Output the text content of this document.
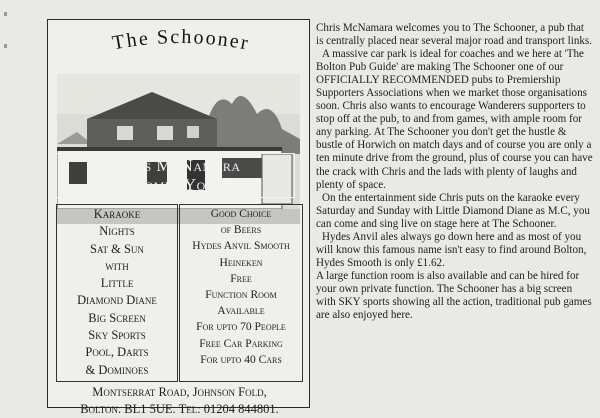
The Schooner
Chris McNamara
Welcomes You All
Karaoke
Nights
Sat & Sun
with
Little
Diamond Diane
Big Screen
Sky Sports
Pool, Darts
& Dominoes
Good Choice
of Beers
Hydes Anvil Smooth
Heineken
Free
Function Room
Available
For upto 70 People
Free Car Parking
For upto 40 Cars
Montserrat Road, Johnson Fold,
Bolton. BL1 5UE. Tel: 01204 844801.

Chris McNamara welcomes you to The Schooner, a pub that is centrally placed near several major road and transport links.

A massive car park is ideal for coaches and we here at 'The Bolton Pub Guide' are making The Schooner one of our OFFICIALLY RECOMMENDED pubs to Premiership Supporters Associations when we market those organisations soon. Chris also wants to encourage Wanderers supporters to stop off at the pub, to and from games, with ample room for any parking. At The Schooner you don't get the hustle & bustle of Horwich on match days and of course you are only a ten minute drive from the ground, plus of course you can have the crack with Chris and the lads with plenty of laughs and plenty of space.

On the entertainment side Chris puts on the karaoke every Saturday and Sunday with Little Diamond Diane as M.C, you can come and sing live on stage here at The Schooner.

Hydes Anvil ales always go down here and as most of you will know this famous name isn't easy to find around Bolton, Hydes Smooth is only £1.62.

A large function room is also available and can be hired for your own private function. The Schooner has a big screen with SKY sports showing all the action, traditional pub games are also enjoyed here.
